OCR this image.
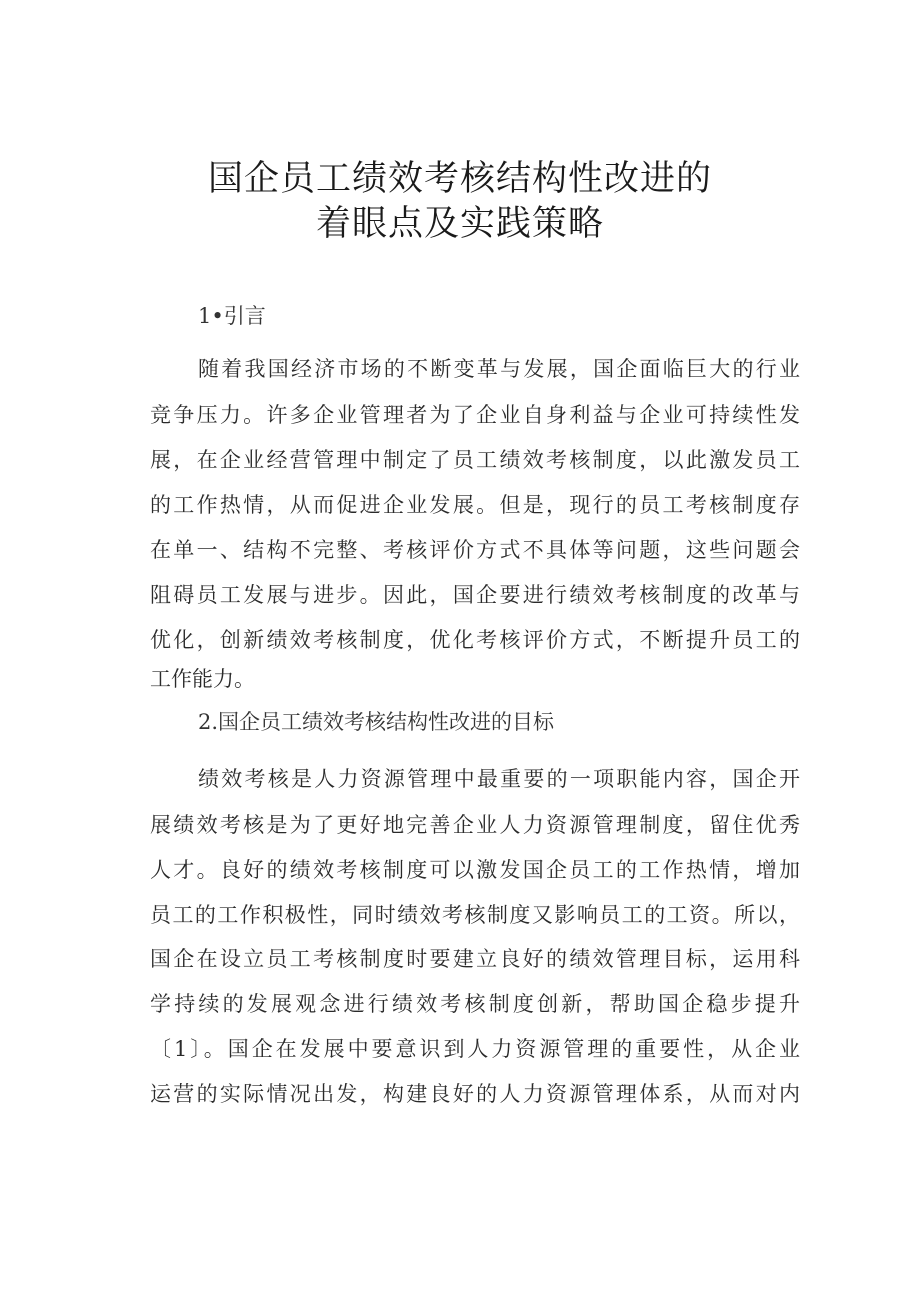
国企员工绩效考核结构性改进的
着眼点及实践策略
1•引言
随着我国经济市场的不断变革与发展，国企面临巨大的行业
竞争压力。许多企业管理者为了企业自身利益与企业可持续性发
展，在企业经营管理中制定了员工绩效考核制度，以此激发员工
的工作热情，从而促进企业发展。但是，现行的员工考核制度存
在单一、结构不完整、考核评价方式不具体等问题，这些问题会
阻碍员工发展与进步。因此，国企要进行绩效考核制度的改革与
优化，创新绩效考核制度，优化考核评价方式，不断提升员工的
工作能力。
2.国企员工绩效考核结构性改进的目标
绩效考核是人力资源管理中最重要的一项职能内容，国企开
展绩效考核是为了更好地完善企业人力资源管理制度，留住优秀
人才。良好的绩效考核制度可以激发国企员工的工作热情，增加
员工的工作积极性，同时绩效考核制度又影响员工的工资。所以，
国企在设立员工考核制度时要建立良好的绩效管理目标，运用科
学持续的发展观念进行绩效考核制度创新，帮助国企稳步提升
〔1〕。国企在发展中要意识到人力资源管理的重要性，从企业
运营的实际情况出发，构建良好的人力资源管理体系，从而对内
